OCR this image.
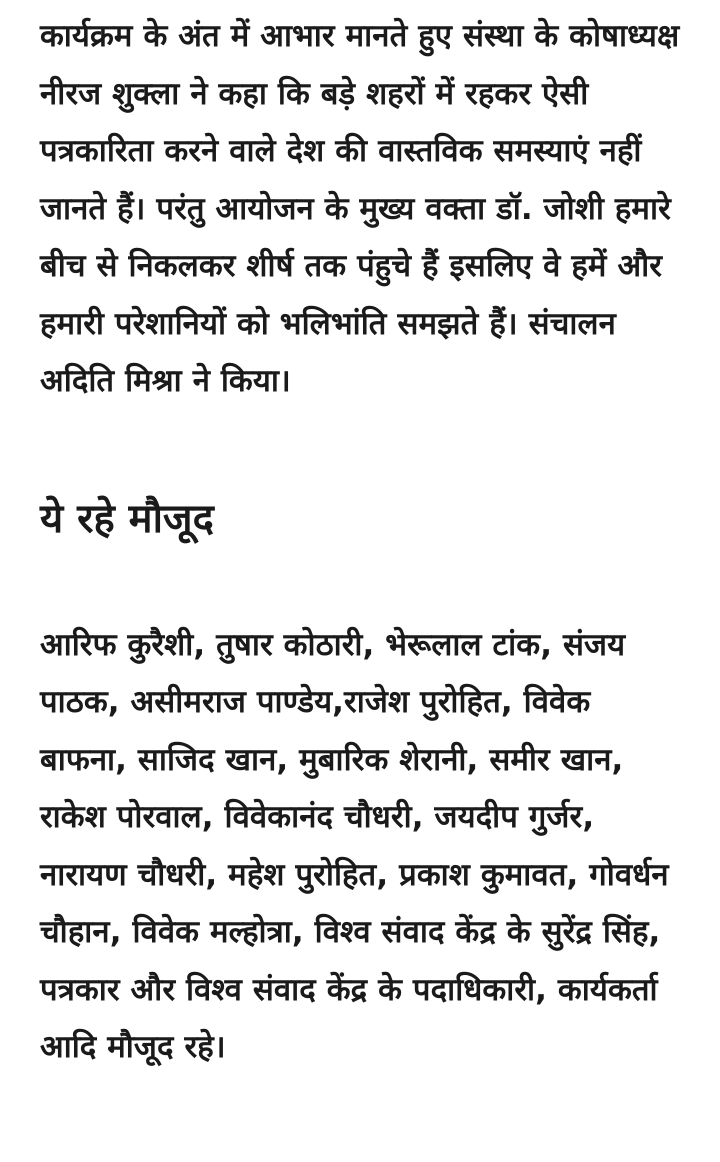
कार्यक्रम के अंत में आभार मानते हुए संस्था के कोषाध्यक्ष नीरज शुक्ला ने कहा कि बड़े शहरों में रहकर ऐसी पत्रकारिता करने वाले देश की वास्तविक समस्याएं नहीं जानते हैं। परंतु आयोजन के मुख्य वक्ता डॉ. जोशी हमारे बीच से निकलकर शीर्ष तक पंहुचे हैं इसलिए वे हमें और हमारी परेशानियों को भलिभांति समझते हैं। संचालन अदिति मिश्रा ने किया।

ये रहे मौजूद

आरिफ कुरैशी, तुषार कोठारी, भेरूलाल टांक, संजय पाठक, असीमराज पाण्डेय,राजेश पुरोहित, विवेक बाफना, साजिद खान, मुबारिक शेरानी, समीर खान, राकेश पोरवाल, विवेकानंद चौधरी, जयदीप गुर्जर, नारायण चौधरी, महेश पुरोहित, प्रकाश कुमावत, गोवर्धन चौहान, विवेक मल्होत्रा, विश्व संवाद केंद्र के सुरेंद्र सिंह, पत्रकार और विश्व संवाद केंद्र के पदाधिकारी, कार्यकर्ता आदि मौजूद रहे।
